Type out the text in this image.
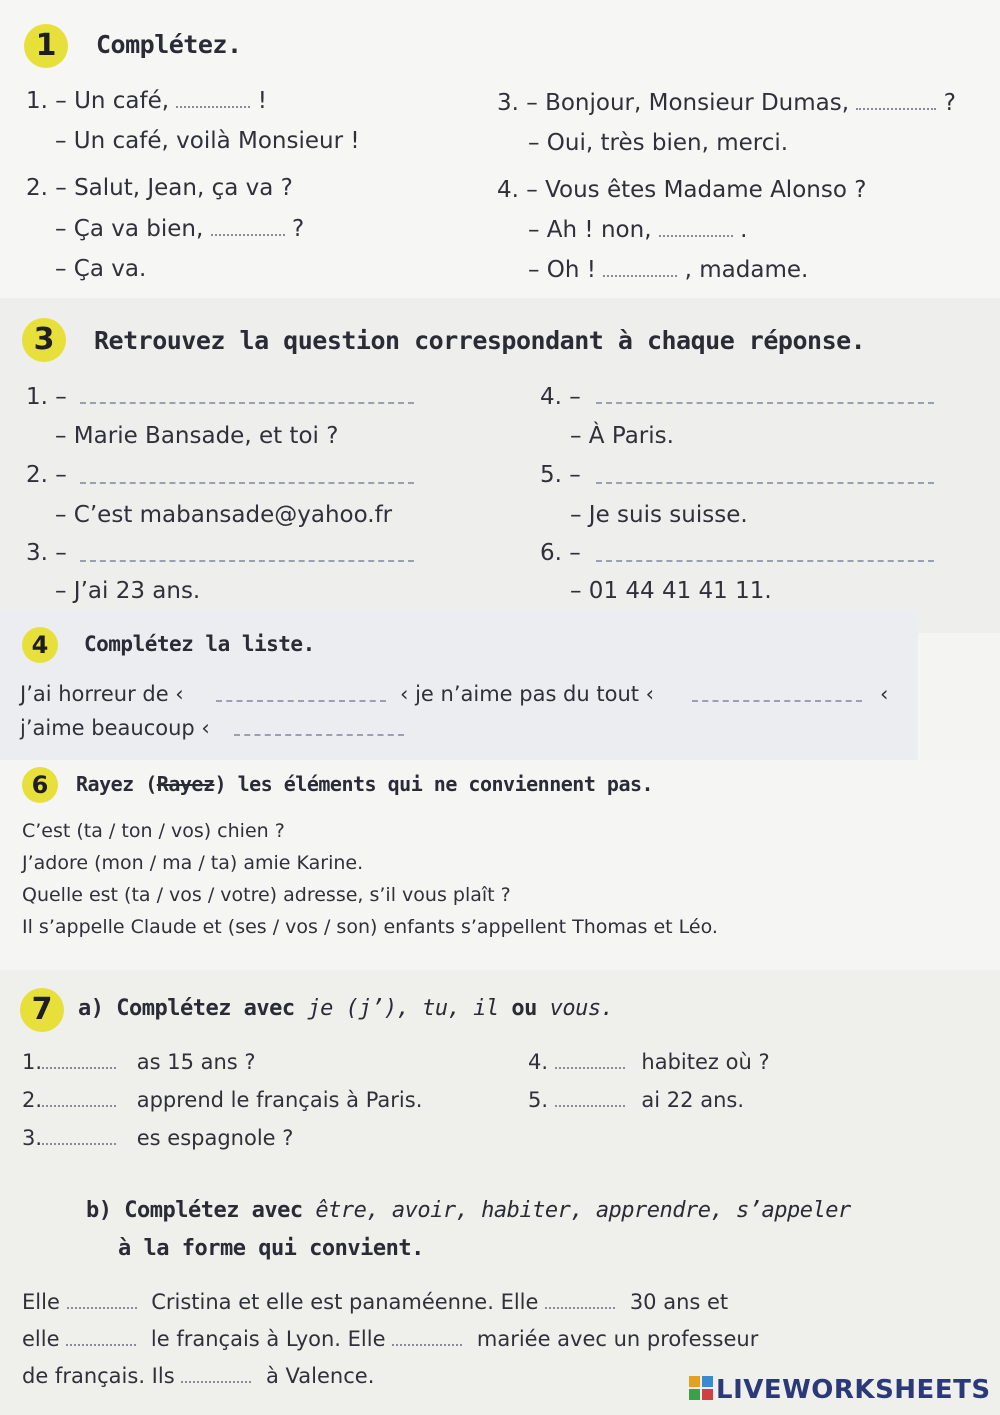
1	Complétez.
1. – Un café,	!
– Un café, voilà Monsieur !
2. – Salut, Jean, ça va ?
– Ça va bien,	?
– Ça va.
3. – Bonjour, Monsieur Dumas,	?
– Oui, très bien, merci.
4. – Vous êtes Madame Alonso ?
– Ah ! non,	.
– Oh !	, madame.
3	Retrouvez la question correspondant à chaque réponse.
1. –
– Marie Bansade, et toi ?
2. –
– C’est mabansade@yahoo.fr
3. –
– J’ai 23 ans.
4. –
– À Paris.
5. –
– Je suis suisse.
6. –
– 01 44 41 41 11.
4	Complétez la liste.
J’ai horreur de ‹	‹ je n’aime pas du tout ‹	‹
j’aime beaucoup ‹
6	Rayez (Rayez) les éléments qui ne conviennent pas.
C’est (ta / ton / vos) chien ?
J’adore (mon / ma / ta) amie Karine.
Quelle est (ta / vos / votre) adresse, s’il vous plaît ?
Il s’appelle Claude et (ses / vos / son) enfants s’appellent Thomas et Léo.
7	a) Complétez avec je (j’), tu, il ou vous.
1.	as 15 ans ?
2.	apprend le français à Paris.
3.	es espagnole ?
4.	habitez où ?
5.	ai 22 ans.
b) Complétez avec être, avoir, habiter, apprendre, s’appeler
à la forme qui convient.
Elle	Cristina et elle est panaméenne. Elle	30 ans et
elle	le français à Lyon. Elle	mariée avec un professeur
de français. Ils	à Valence.	LIVEWORKSHEETS
